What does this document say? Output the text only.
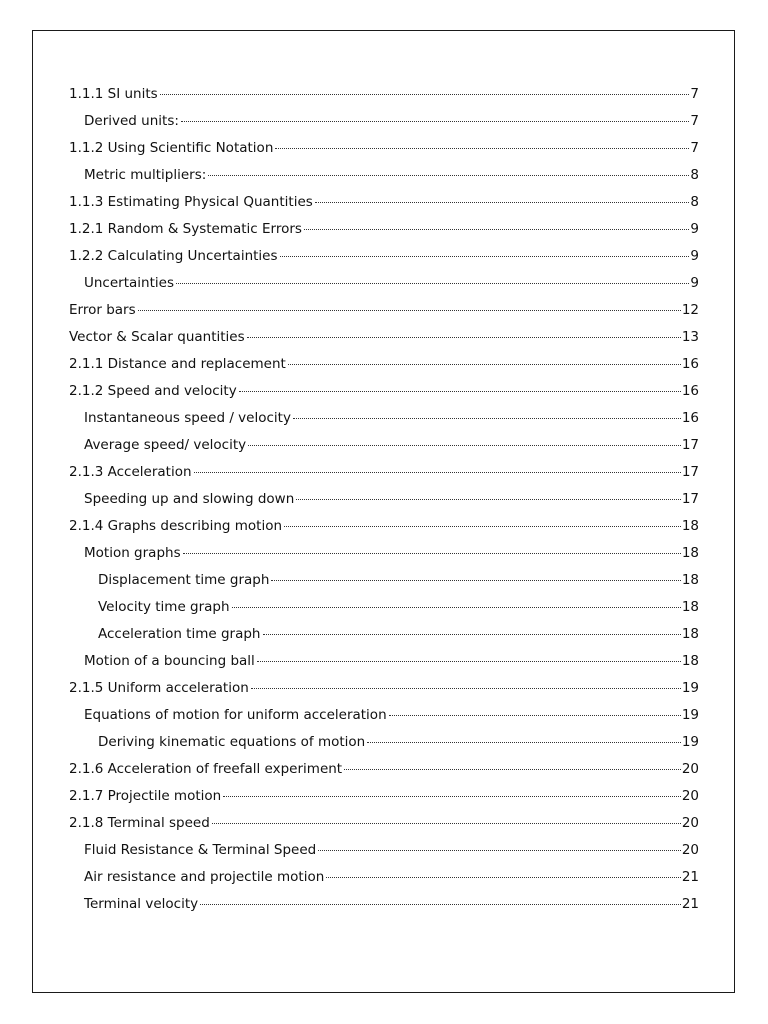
1.1.1 SI units	7
Derived units:	7
1.1.2 Using Scientific Notation	7
Metric multipliers:	8
1.1.3 Estimating Physical Quantities	8
1.2.1 Random & Systematic Errors	9
1.2.2 Calculating Uncertainties	9
Uncertainties	9
Error bars	12
Vector & Scalar quantities	13
2.1.1 Distance and replacement	16
2.1.2 Speed and velocity	16
Instantaneous speed / velocity	16
Average speed/ velocity	17
2.1.3 Acceleration	17
Speeding up and slowing down	17
2.1.4 Graphs describing motion	18
Motion graphs	18
Displacement time graph	18
Velocity time graph	18
Acceleration time graph	18
Motion of a bouncing ball	18
2.1.5 Uniform acceleration	19
Equations of motion for uniform acceleration	19
Deriving kinematic equations of motion	19
2.1.6 Acceleration of freefall experiment	20
2.1.7 Projectile motion	20
2.1.8 Terminal speed	20
Fluid Resistance & Terminal Speed	20
Air resistance and projectile motion	21
Terminal velocity	21
